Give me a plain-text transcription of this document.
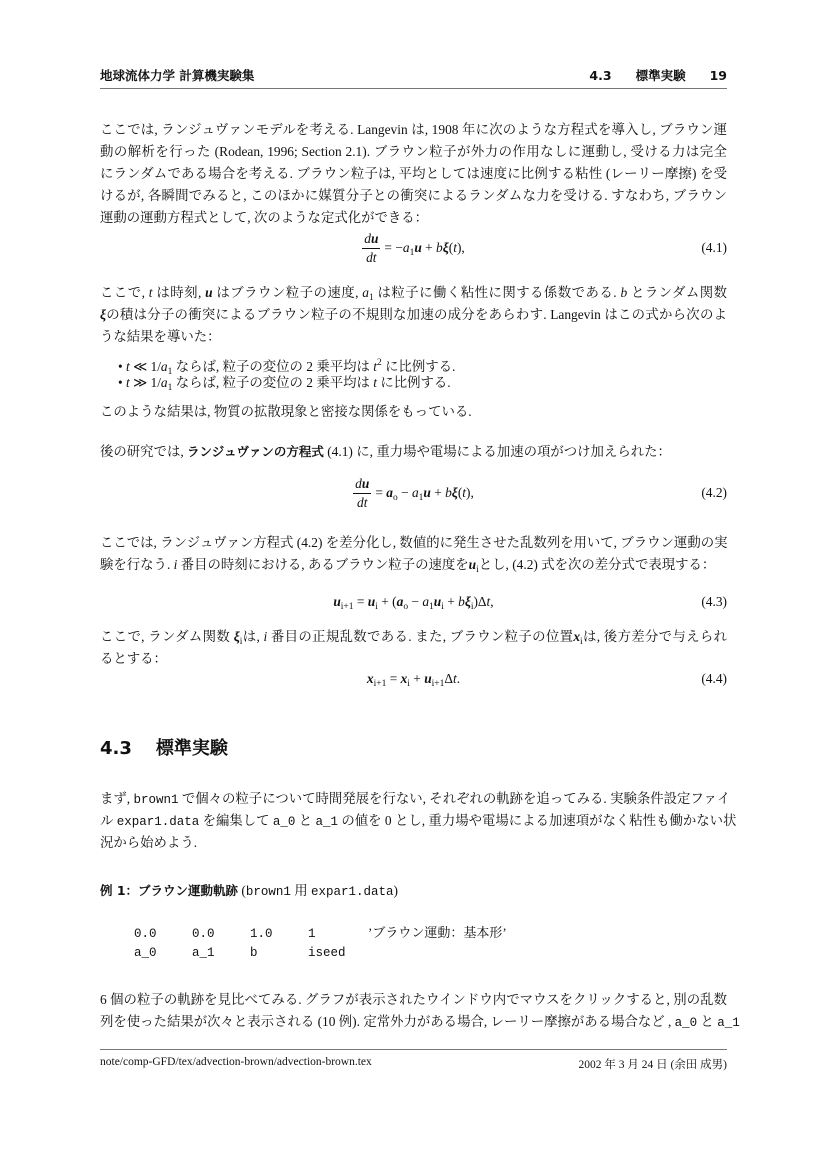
地球流体力学 計算機実験集	4.3 標準実験 19
ここでは, ランジュヴァンモデルを考える. Langevin は, 1908 年に次のような方程式を導入し, ブラウン運
動の解析を行った (Rodean, 1996; Section 2.1). ブラウン粒子が外力の作用なしに運動し, 受ける力は完全
にランダムである場合を考える. ブラウン粒子は, 平均としては速度に比例する粘性 (レーリー摩擦) を受
けるが, 各瞬間でみると, このほかに媒質分子との衝突によるランダムな力を受ける. すなわち, ブラウン
運動の運動方程式として, 次のような定式化ができる：
$\frac{du}{dt} = -a_1u + b\xi(t)$,	(4.1)
ここで, t は時刻, u はブラウン粒子の速度, $a_1$ は粒子に働く粘性に関する係数である. b とランダム関数
ξの積は分子の衝突によるブラウン粒子の不規則な加速の成分をあらわす. Langevin はこの式から次のよ
うな結果を導いた：
• t ≪ $1/a_1$ ならば, 粒子の変位の 2 乗平均は $t^2$ に比例する.
• t ≫ $1/a_1$ ならば, 粒子の変位の 2 乗平均は t に比例する.
このような結果は, 物質の拡散現象と密接な関係をもっている.
後の研究では, ランジュヴァンの方程式 (4.1) に, 重力場や電場による加速の項がつけ加えられた：
$\frac{du}{dt} = a_o - a_1u + b\xi(t)$,	(4.2)
ここでは, ランジュヴァン方程式 (4.2) を差分化し, 数値的に発生させた乱数列を用いて, ブラウン運動の実
験を行なう. i 番目の時刻における, あるブラウン粒子の速度を$u_i$とし, (4.2) 式を次の差分式で表現する：
$u_{i+1} = u_i + (a_o - a_1u_i + b\xi_i)\Delta t$,	(4.3)
ここで, ランダム関数 $\xi_i$は, i 番目の正規乱数である. また, ブラウン粒子の位置$x_i$は, 後方差分で与えられ
るとする：
$x_{i+1} = x_i + u_{i+1}\Delta t$.	(4.4)
4.3 標準実験
まず, brown1 で個々の粒子について時間発展を行ない, それぞれの軌跡を追ってみる. 実験条件設定ファイ
ル expar1.data を編集して a_0 と a_1 の値を 0 とし, 重力場や電場による加速項がなく粘性も働かない状
況から始めよう.
例 1：ブラウン運動軌跡 (brown1 用 expar1.data)
0.0	0.0	1.0	1	’ブラウン運動：基本形’
a_0	a_1	b	iseed
6 個の粒子の軌跡を見比べてみる. グラフが表示されたウインドウ内でマウスをクリックすると, 別の乱数
列を使った結果が次々と表示される (10 例). 定常外力がある場合, レーリー摩擦がある場合など , a_0 と a_1
note/comp-GFD/tex/advection-brown/advection-brown.tex	2002 年 3 月 24 日 (余田 成男)
